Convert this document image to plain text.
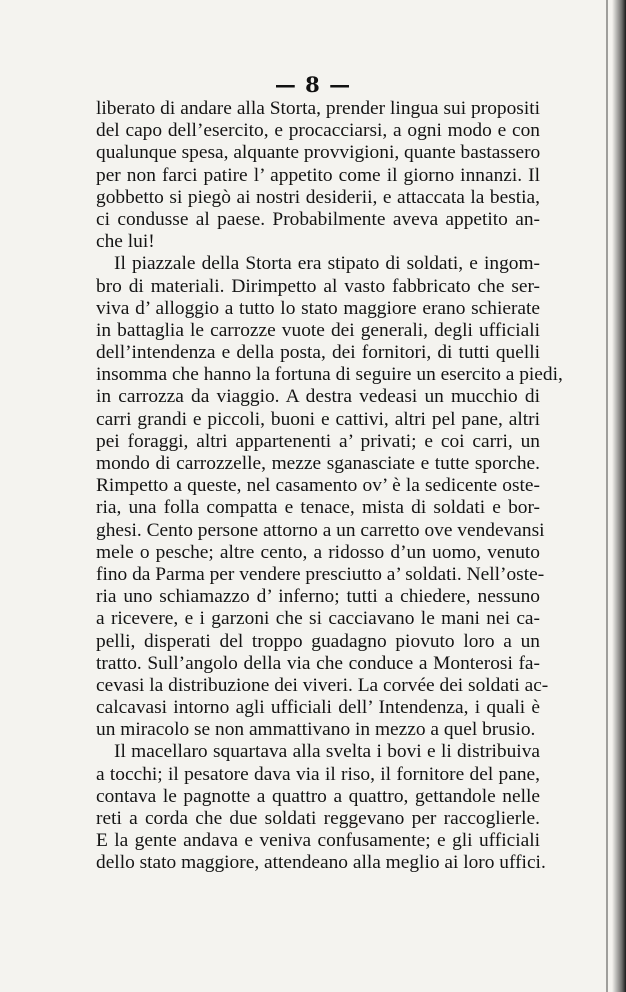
— 8 —
liberato di andare alla Storta, prender lingua sui propositi
del capo dell’esercito, e procacciarsi, a ogni modo e con
qualunque spesa, alquante provvigioni, quante bastassero
per non farci patire l’ appetito come il giorno innanzi. Il
gobbetto si piegò ai nostri desiderii, e attaccata la bestia,
ci condusse al paese. Probabilmente aveva appetito an-
che lui!
Il piazzale della Storta era stipato di soldati, e ingom-
bro di materiali. Dirimpetto al vasto fabbricato che ser-
viva d’ alloggio a tutto lo stato maggiore erano schierate
in battaglia le carrozze vuote dei generali, degli ufficiali
dell’intendenza e della posta, dei fornitori, di tutti quelli
insomma che hanno la fortuna di seguire un esercito a piedi,
in carrozza da viaggio. A destra vedeasi un mucchio di
carri grandi e piccoli, buoni e cattivi, altri pel pane, altri
pei foraggi, altri appartenenti a’ privati; e coi carri, un
mondo di carrozzelle, mezze sganasciate e tutte sporche.
Rimpetto a queste, nel casamento ov’ è la sedicente oste-
ria, una folla compatta e tenace, mista di soldati e bor-
ghesi. Cento persone attorno a un carretto ove vendevansi
mele o pesche; altre cento, a ridosso d’un uomo, venuto
fino da Parma per vendere presciutto a’ soldati. Nell’oste-
ria uno schiamazzo d’ inferno; tutti a chiedere, nessuno
a ricevere, e i garzoni che si cacciavano le mani nei ca-
pelli, disperati del troppo guadagno piovuto loro a un
tratto. Sull’angolo della via che conduce a Monterosi fa-
cevasi la distribuzione dei viveri. La corvée dei soldati ac-
calcavasi intorno agli ufficiali dell’ Intendenza, i quali è
un miracolo se non ammattivano in mezzo a quel brusio.
Il macellaro squartava alla svelta i bovi e li distribuiva
a tocchi; il pesatore dava via il riso, il fornitore del pane,
contava le pagnotte a quattro a quattro, gettandole nelle
reti a corda che due soldati reggevano per raccoglierle.
E la gente andava e veniva confusamente; e gli ufficiali
dello stato maggiore, attendeano alla meglio ai loro uffici.
